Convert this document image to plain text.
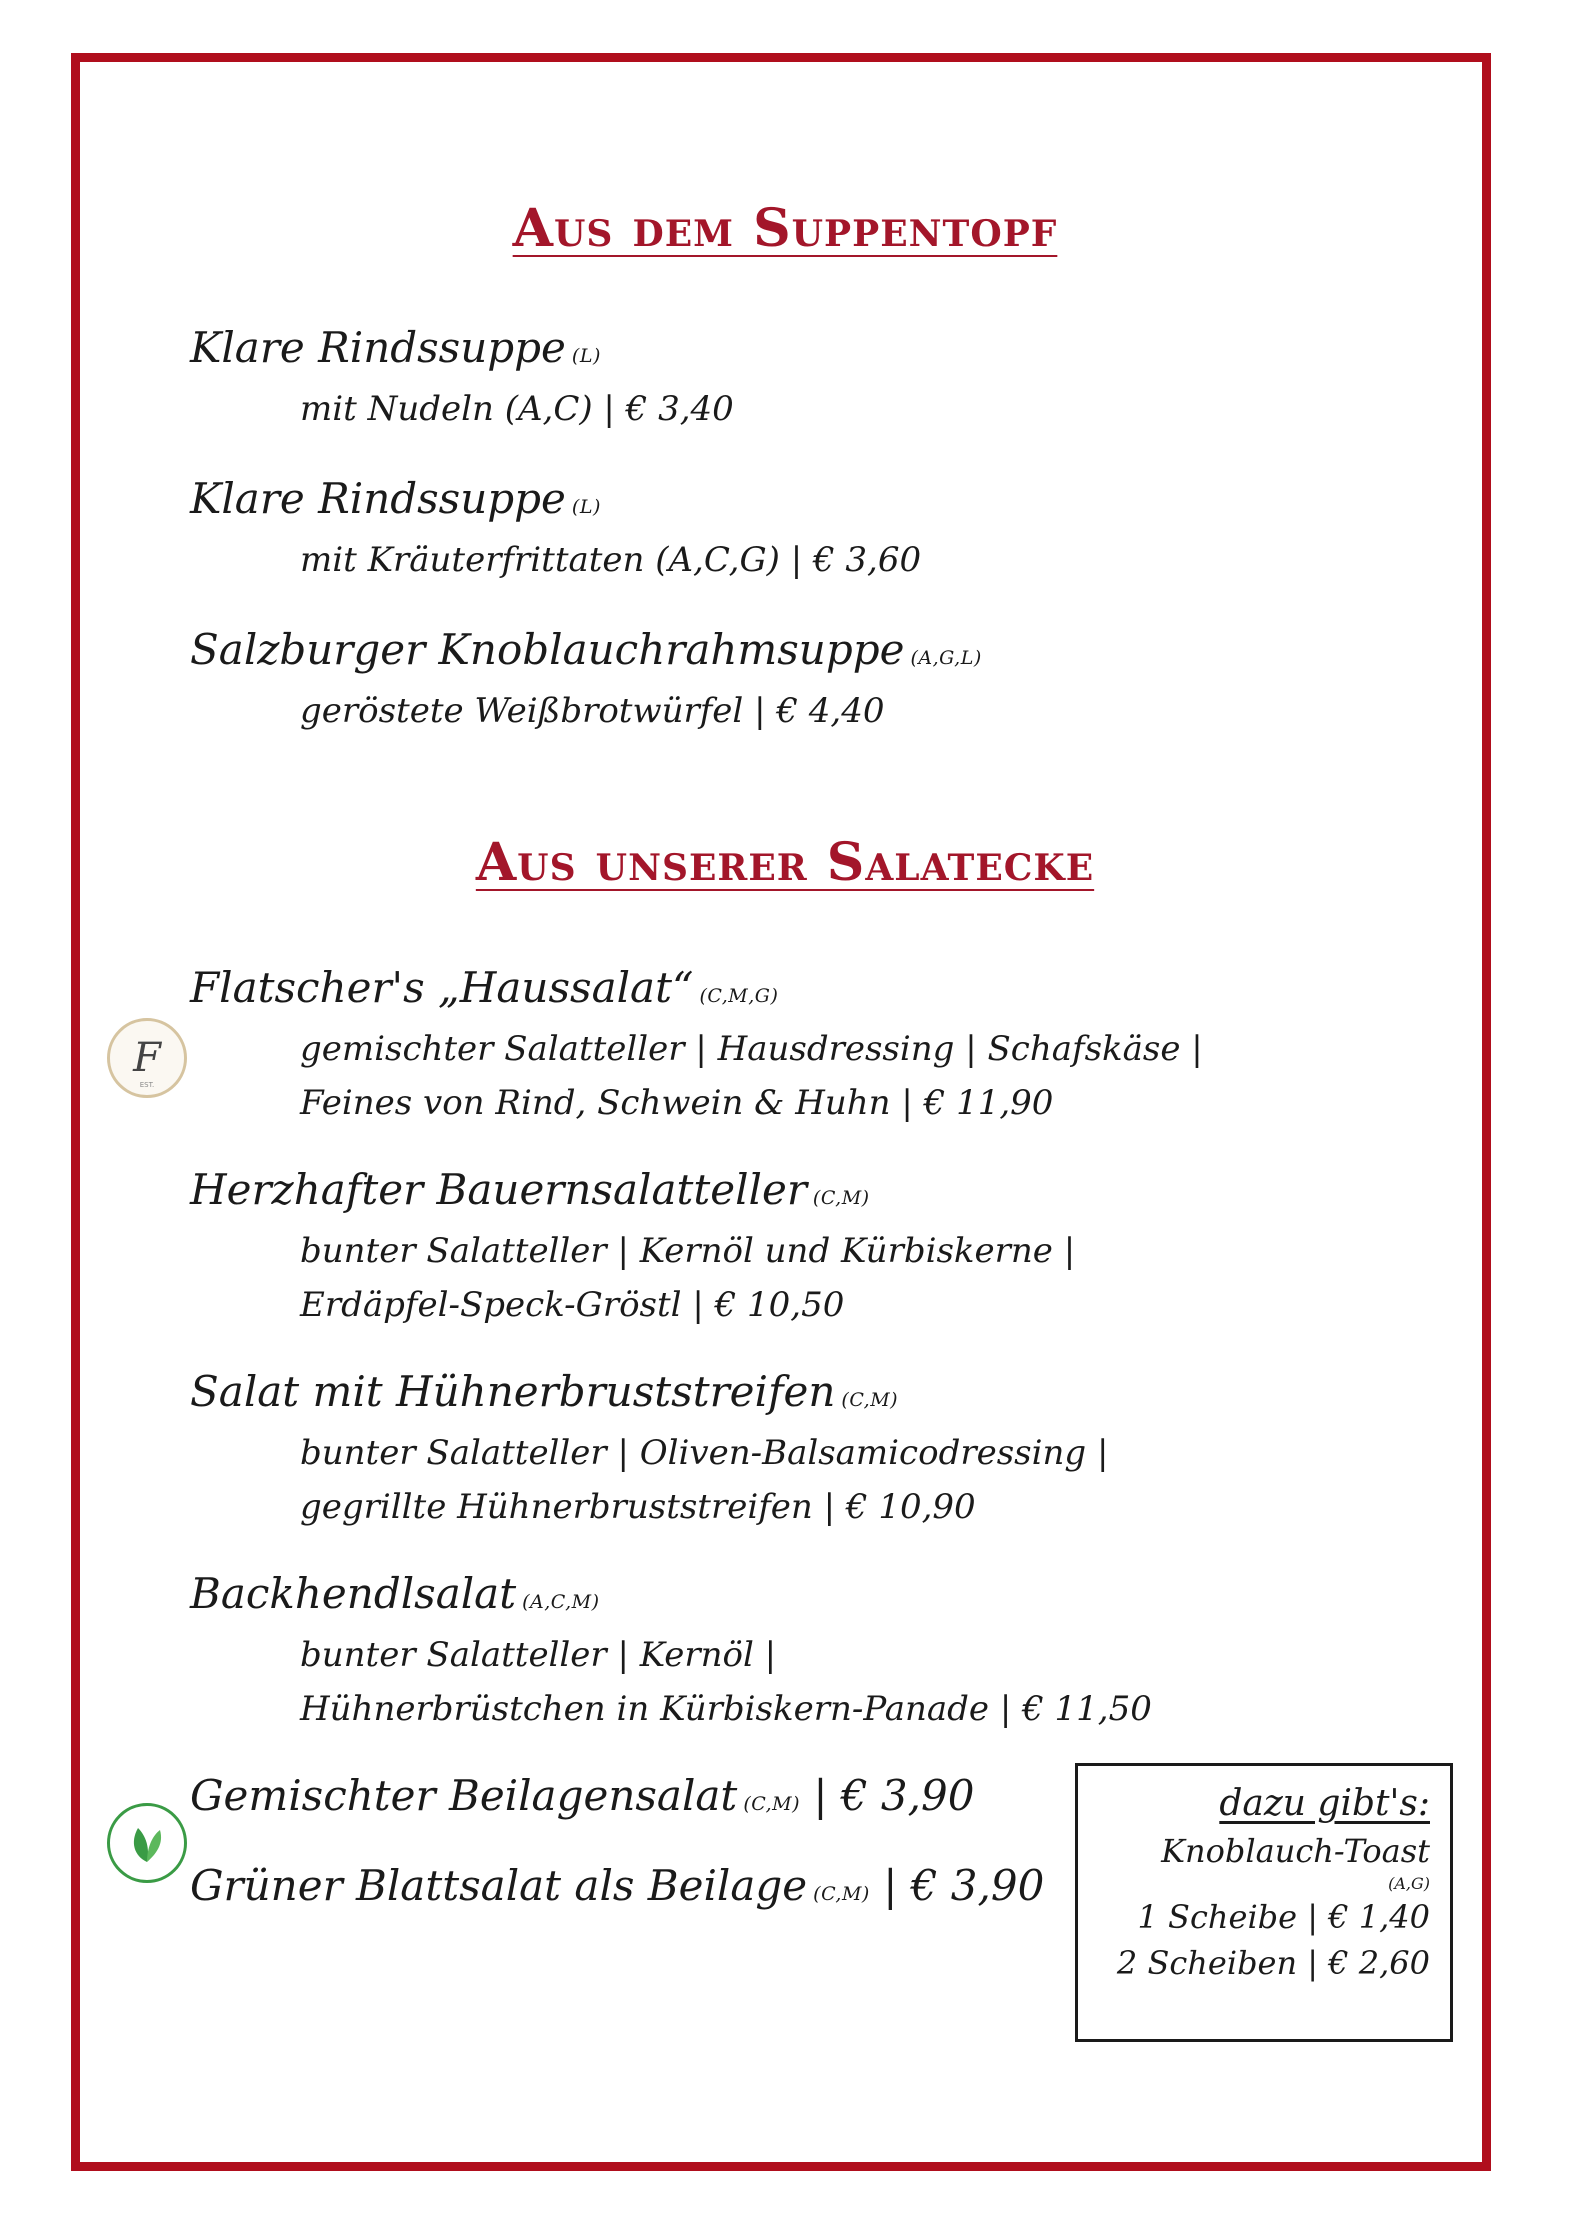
Aus dem Suppentopf
Klare Rindssuppe (L)
mit Nudeln (A,C) | € 3,40
Klare Rindssuppe (L)
mit Kräuterfrittaten (A,C,G) | € 3,60
Salzburger Knoblauchrahmsuppe (A,G,L)
geröstete Weißbrotwürfel | € 4,40
Aus unserer Salatecke
F
EST.
Flatscher's „Haussalat“ (C,M,G)
gemischter Salatteller | Hausdressing | Schafskäse |
Feines von Rind, Schwein & Huhn | € 11,90
Herzhafter Bauernsalatteller (C,M)
bunter Salatteller | Kernöl und Kürbiskerne |
Erdäpfel-Speck-Gröstl | € 10,50
Salat mit Hühnerbruststreifen (C,M)
bunter Salatteller | Oliven-Balsamicodressing |
gegrillte Hühnerbruststreifen | € 10,90
Backhendlsalat (A,C,M)
bunter Salatteller | Kernöl |
Hühnerbrüstchen in Kürbiskern-Panade | € 11,50
Gemischter Beilagensalat (C,M) | € 3,90
Grüner Blattsalat als Beilage (C,M) | € 3,90
dazu gibt's:
Knoblauch-Toast
(A,G)
1 Scheibe | € 1,40
2 Scheiben | € 2,60
